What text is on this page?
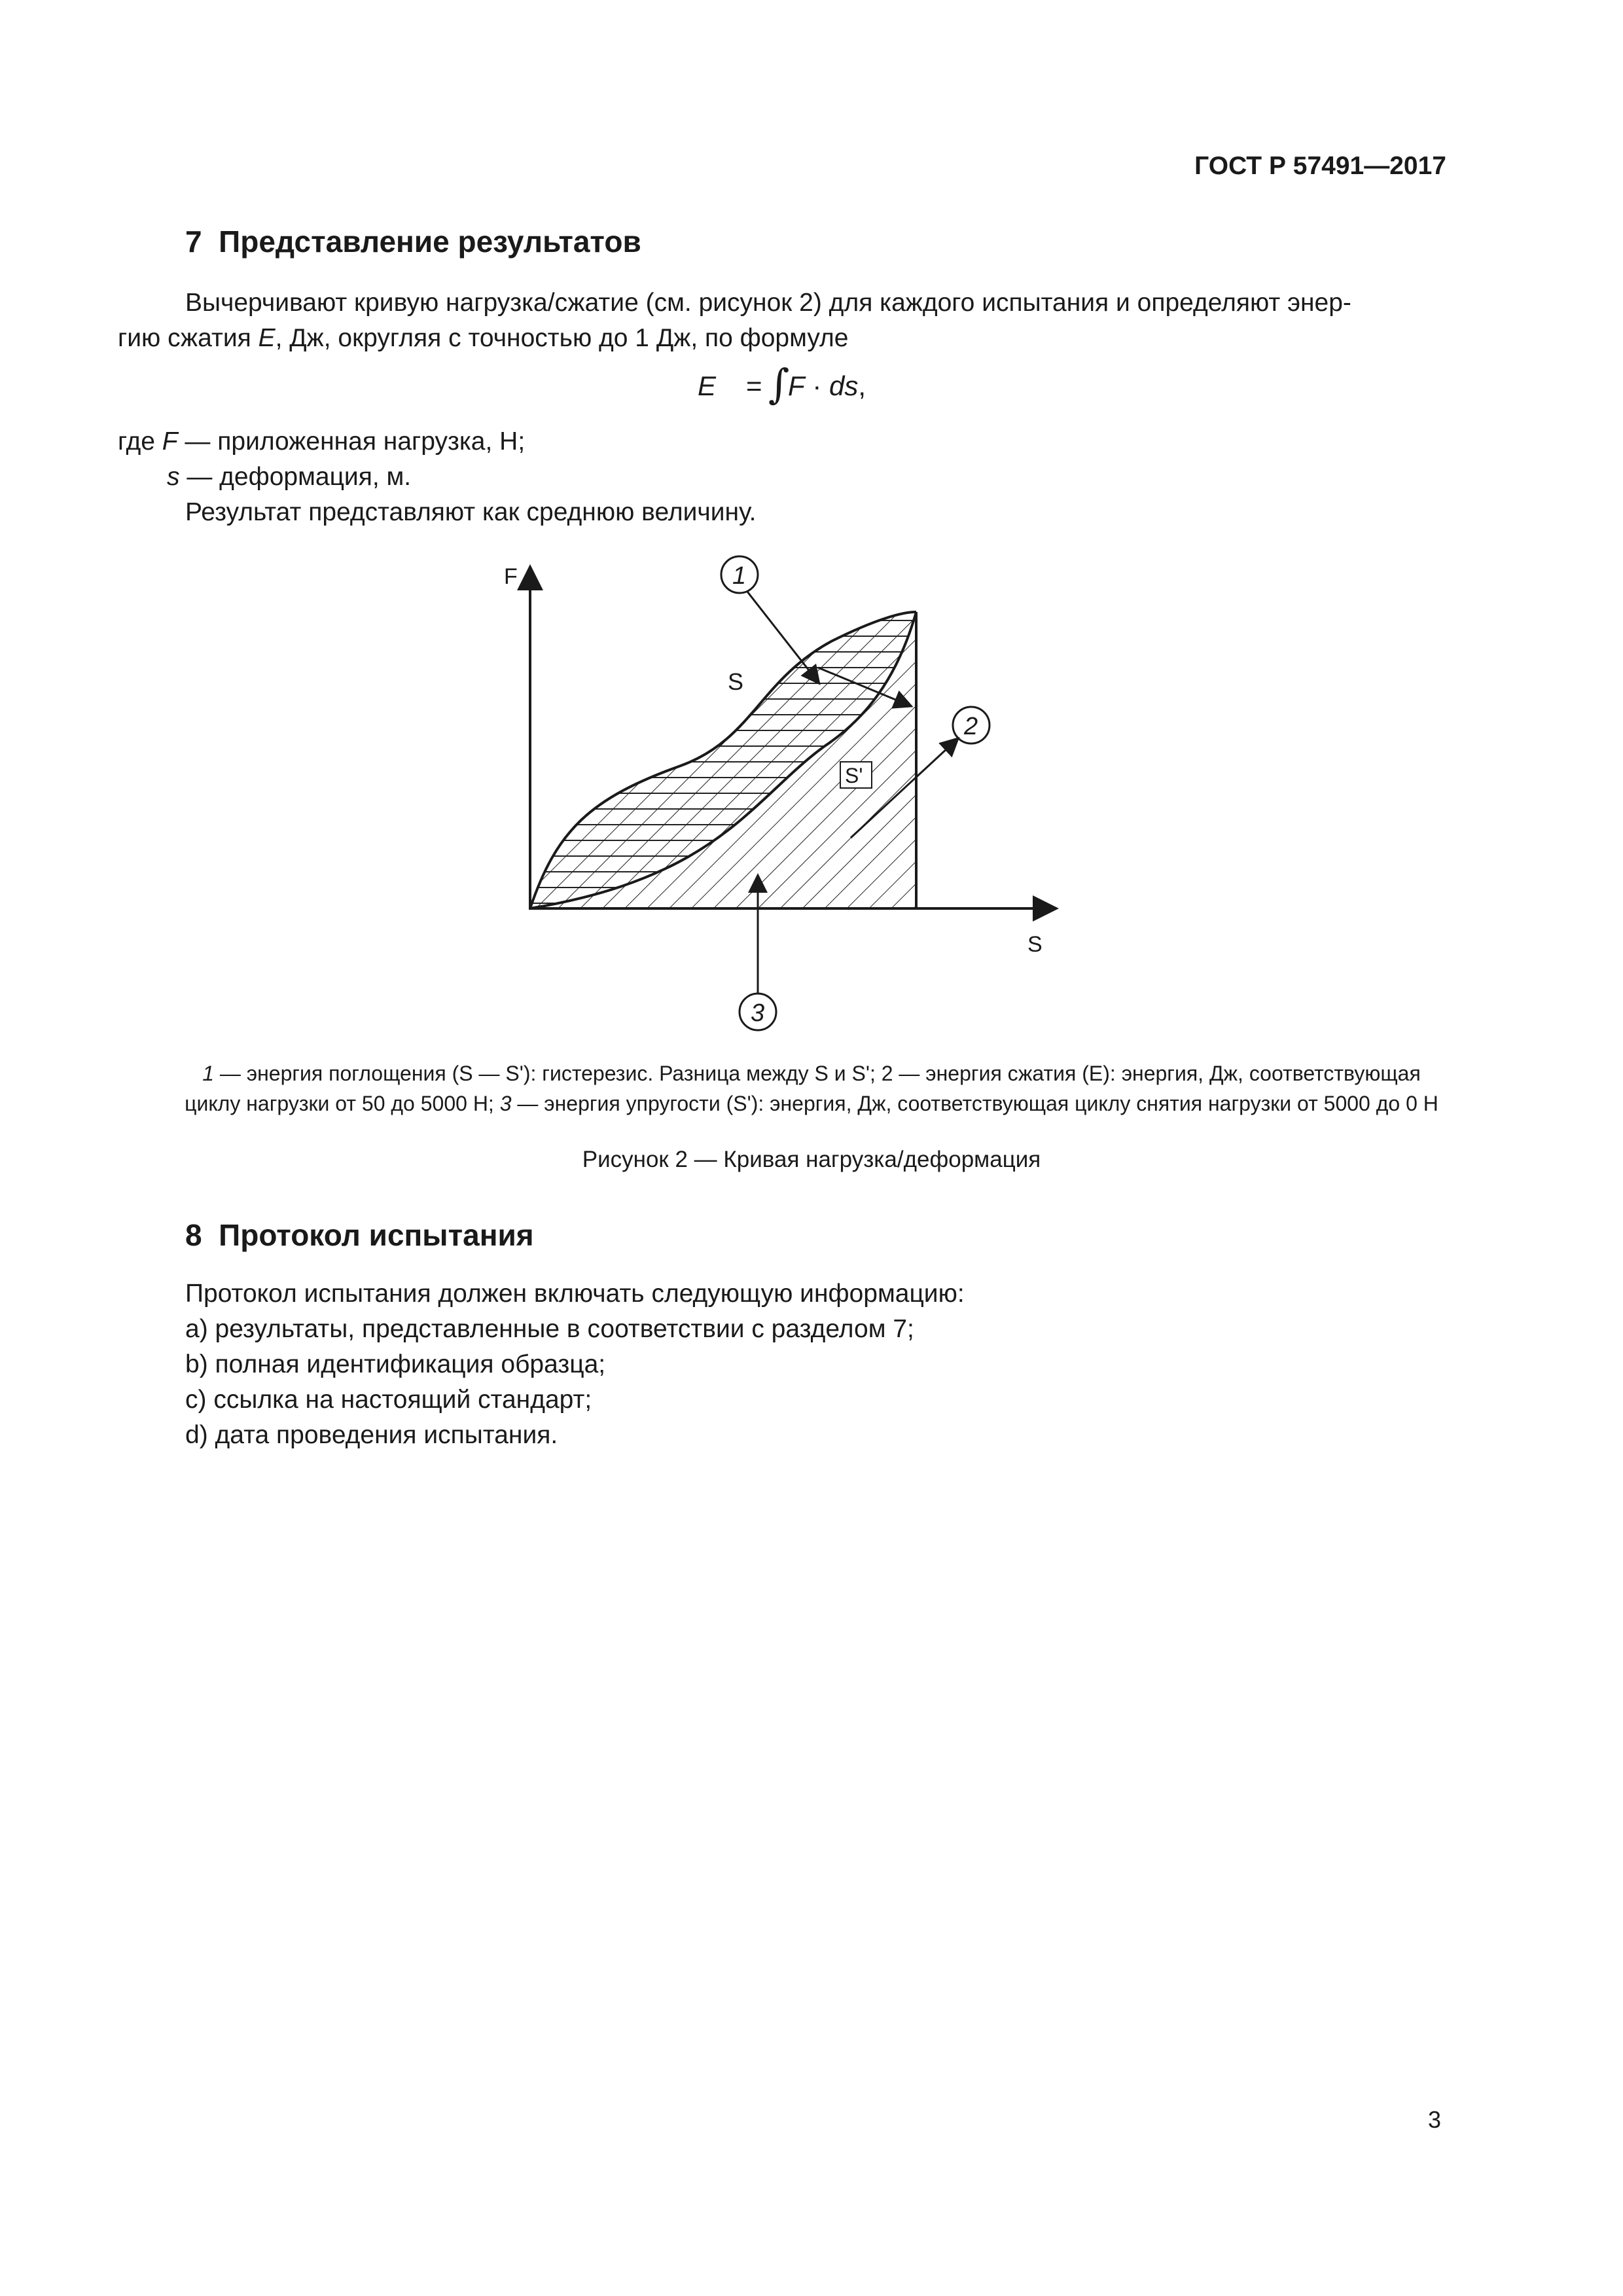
ГОСТ Р 57491—2017
7 Представление результатов
Вычерчивают кривую нагрузка/сжатие (см. рисунок 2) для каждого испытания и определяют энер-
гию сжатия E, Дж, округляя с точностью до 1 Дж, по формуле
E = ∫
F · ds,
где F — приложенная нагрузка, Н;
s — деформация, м.
Результат представляют как среднюю величину.
F
S
S
S'
1
2
3
1 — энергия поглощения (S — S'): гистерезис. Разница между S и S'; 2 — энергия сжатия (E): энергия, Дж, соответствующая
циклу нагрузки от 50 до 5000 Н; 3 — энергия упругости (S'): энергия, Дж, соответствующая циклу снятия нагрузки от 5000 до 0 Н
Рисунок 2 — Кривая нагрузка/деформация
8 Протокол испытания
Протокол испытания должен включать следующую информацию:
a) результаты, представленные в соответствии с разделом 7;
b) полная идентификация образца;
c) ссылка на настоящий стандарт;
d) дата проведения испытания.
3
